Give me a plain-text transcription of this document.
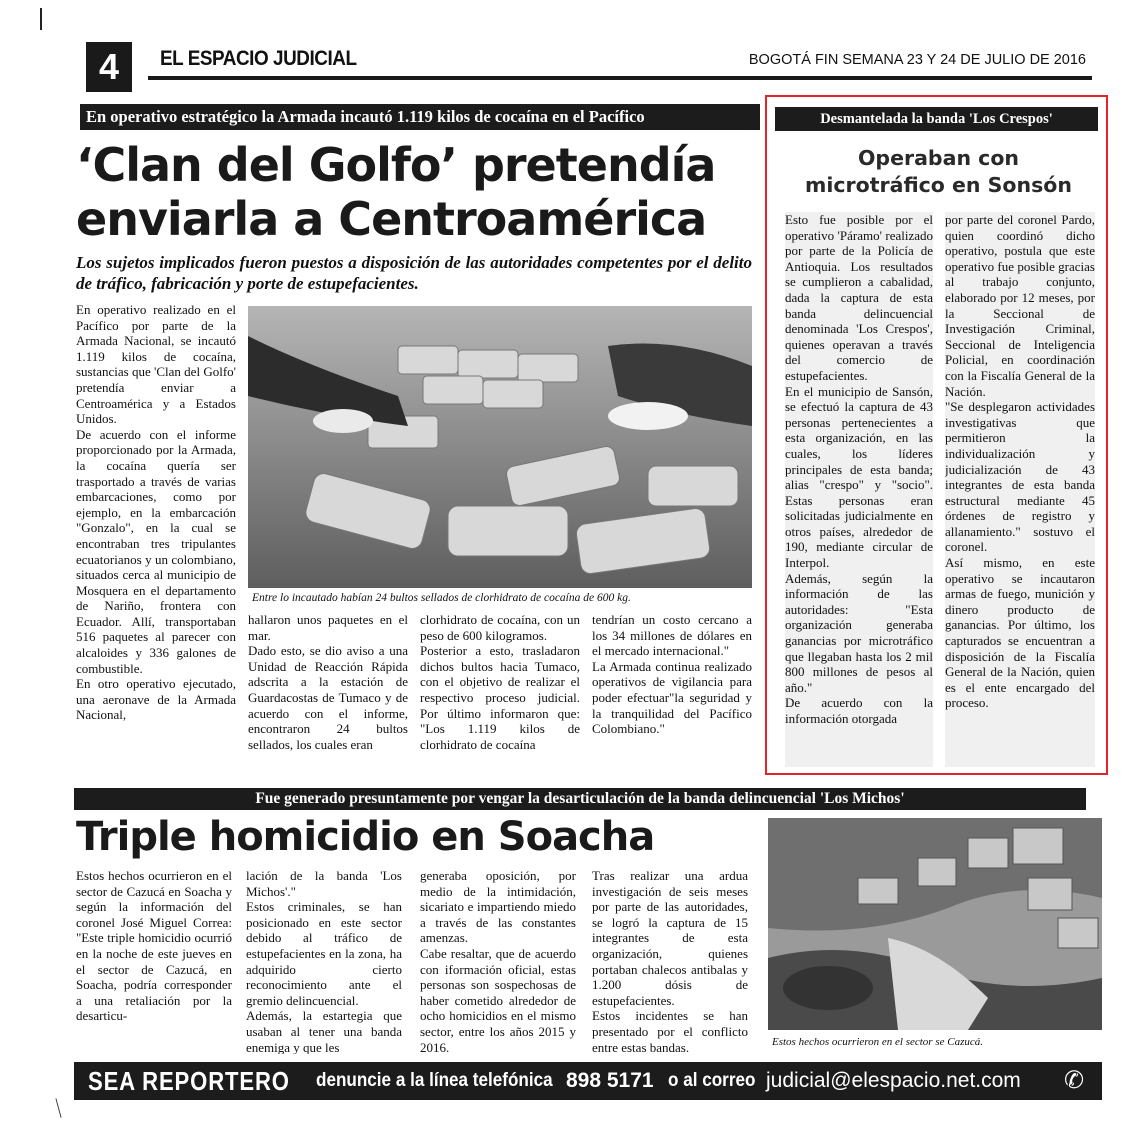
4	EL ESPACIO JUDICIAL	BOGOTÁ FIN SEMANA 23 Y 24 DE JULIO DE 2016
En operativo estratégico la Armada incautó 1.119 kilos de cocaína en el Pacífico
‘Clan del Golfo’ pretendía
enviarla a Centroamérica
Los sujetos implicados fueron puestos a disposición de las autoridades competentes por el delito de tráfico, fabricación y porte de estupefacientes.

En operativo realizado en el Pacífico por parte de la Armada Nacional, se incautó 1.119 kilos de cocaína, sustancias que 'Clan del Golfo' pretendía enviar a Centroamérica y a Estados Unidos.

De acuerdo con el informe proporcionado por la Armada, la cocaína quería ser trasportado a través de varias embarcaciones, como por ejemplo, en la embarcación "Gonzalo", en la cual se encontraban tres tripulantes ecuatorianos y un colombiano, situados cerca al municipio de Mosquera en el departamento de Nariño, frontera con Ecuador. Allí, transportaban 516 paquetes al parecer con alcaloides y 336 galones de combustible.

En otro operativo ejecutado, una aeronave de la Armada Nacional,

Entre lo incautado habían 24 bultos sellados de clorhidrato de cocaína de 600 kg.

hallaron unos paquetes en el mar.

Dado esto, se dio aviso a una Unidad de Reacción Rápida adscrita a la estación de Guardacostas de Tumaco y de acuerdo con el informe, encontraron 24 bultos sellados, los cuales eran

clorhidrato de cocaína, con un peso de 600 kilogramos.

Posterior a esto, trasladaron dichos bultos hacia Tumaco, con el objetivo de realizar el respectivo proceso judicial. Por último informaron que: "Los 1.119 kilos de clorhidrato de cocaína

tendrían un costo cercano a los 34 millones de dólares en el mercado internacional."

La Armada continua realizado operativos de vigilancia para poder efectuar"la seguridad y la tranquilidad del Pacífico Colombiano."

Desmantelada la banda 'Los Crespos'
Operaban con
microtráfico en Sonsón

Esto fue posible por el operativo 'Páramo' realizado por parte de la Policía de Antioquia. Los resultados se cumplieron a cabalidad, dada la captura de esta banda delincuencial denominada 'Los Crespos', quienes operavan a través del comercio de estupefacientes.

En el municipio de Sansón, se efectuó la captura de 43 personas pertenecientes a esta organización, en las cuales, los líderes principales de esta banda; alias "crespo" y "socio". Estas personas eran solicitadas judicialmente en otros países, alrededor de 190, mediante circular de Interpol.

Además, según la información de las autoridades: "Esta organización generaba ganancias por microtráfico que llegaban hasta los 2 mil 800 millones de pesos al año."

De acuerdo con la información otorgada

por parte del coronel Pardo, quien coordinó dicho operativo, postula que este operativo fue posible gracias al trabajo conjunto, elaborado por 12 meses, por la Seccional de Investigación Criminal, Seccional de Inteligencia Policial, en coordinación con la Fiscalía General de la Nación.

"Se desplegaron actividades investigativas que permitieron la individualización y judicialización de 43 integrantes de esta banda estructural mediante 45 órdenes de registro y allanamiento." sostuvo el coronel.

Así mismo, en este operativo se incautaron armas de fuego, munición y dinero producto de ganancias. Por último, los capturados se encuentran a disposición de la Fiscalía General de la Nación, quien es el ente encargado del proceso.

Fue generado presuntamente por vengar la desarticulación de la banda delincuencial 'Los Michos'
Triple homicidio en Soacha

Estos hechos ocurrieron en el sector de Cazucá en Soacha y según la información del coronel José Miguel Correa: "Este triple homicidio ocurrió en la noche de este jueves en el sector de Cazucá, en Soacha, podría corresponder a una retaliación por la desarticu-

lación de la banda 'Los Michos'."

Estos criminales, se han posicionado en este sector debido al tráfico de estupefacientes en la zona, ha adquirido cierto reconocimiento ante el gremio delincuencial.

Además, la estartegia que usaban al tener una banda enemiga y que les

generaba oposición, por medio de la intimidación, sicariato e impartiendo miedo a través de las constantes amenzas.

Cabe resaltar, que de acuerdo con iformación oficial, estas personas son sospechosas de haber cometido alrededor de ocho homicidios en el mismo sector, entre los años 2015 y 2016.

Tras realizar una ardua investigación de seis meses por parte de las autoridades, se logró la captura de 15 integrantes de esta organización, quienes portaban chalecos antibalas y 1.200 dósis de estupefacientes.

Estos incidentes se han presentado por el conflicto entre estas bandas.	Estos hechos ocurrieron en el sector se Cazucá.
SEA REPORTERO denuncie a la línea telefónica 898 5171 o al correo judicial@elespacio.net.com ✆
